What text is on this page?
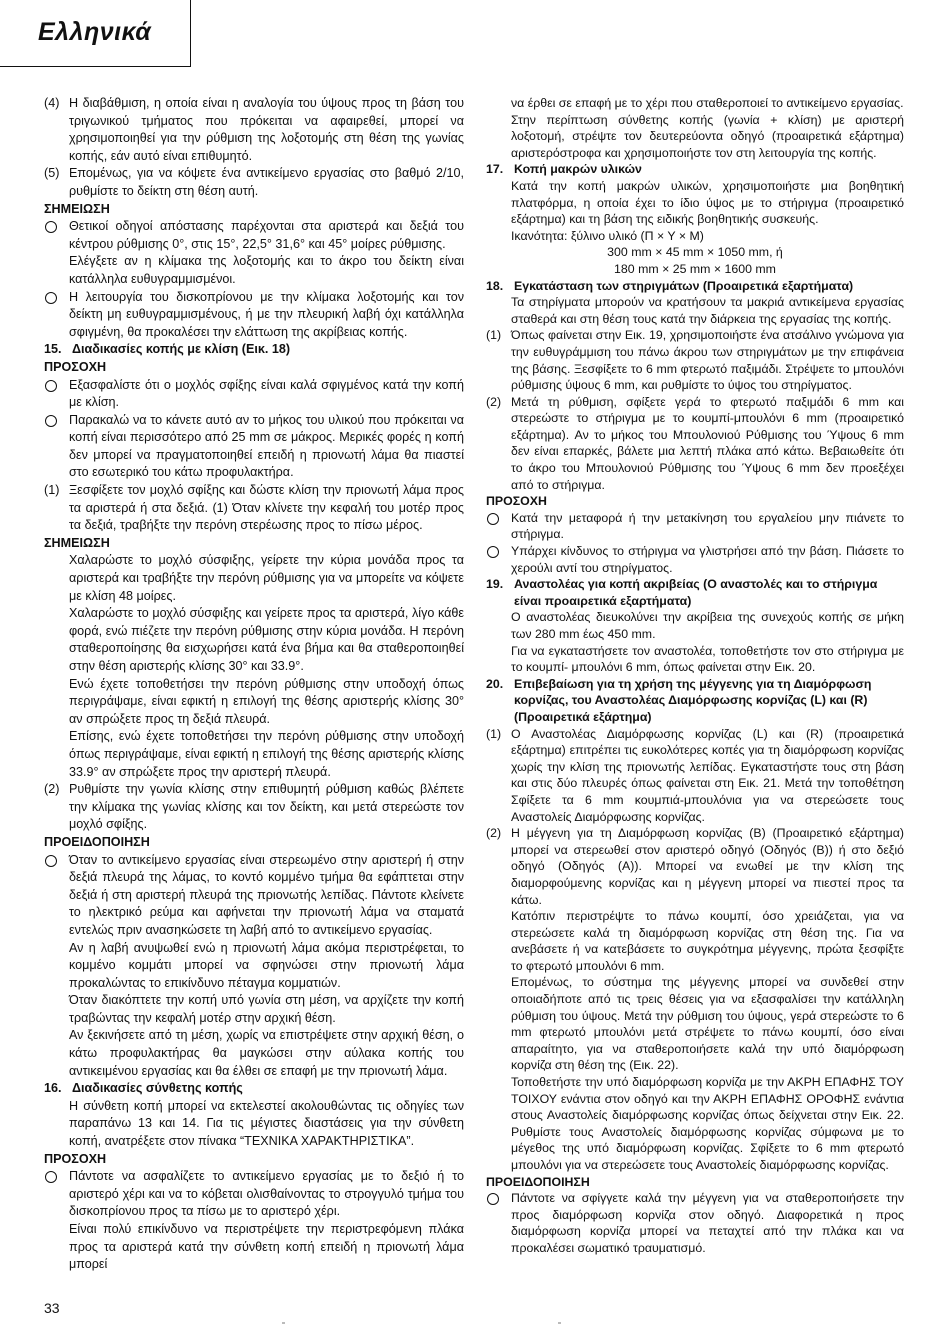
Ελληνικά
(4) Η διαβάθμιση, η οποία είναι η αναλογία του ύψους προς τη βάση του τριγωνικού τμήματος που πρόκειται να αφαιρεθεί, μπορεί να χρησιμοποιηθεί για την ρύθμιση της λοξοτομής στη θέση της γωνίας κοπής, εάν αυτό είναι επιθυμητό.
(5) Επομένως, για να κόψετε ένα αντικείμενο εργασίας στο βαθμό 2/10, ρυθμίστε το δείκτη στη θέση αυτή.
ΣΗΜΕΙΩΣΗ
Θετικοί οδηγοί απόστασης παρέχονται στα αριστερά και δεξιά του κέντρου ρύθμισης 0°, στις 15°, 22,5° 31,6° και 45° μοίρες ρύθμισης.
Ελέγξετε αν η κλίμακα της λοξοτομής και το άκρο του δείκτη είναι κατάλληλα ευθυγραμμισμένοι.
Η λειτουργία του δισκοπρίονου με την κλίμακα λοξοτομής και τον δείκτη μη ευθυγραμμισμένους, ή με την πλευρική λαβή όχι κατάλληλα σφιγμένη, θα προκαλέσει την ελάττωση της ακρίβειας κοπής.
15. Διαδικασίες κοπής με κλίση (Εικ. 18)
ΠΡΟΣΟΧΗ
Εξασφαλίστε ότι ο μοχλός σφίξης είναι καλά σφιγμένος κατά την κοπή με κλίση.
Παρακαλώ να το κάνετε αυτό αν το μήκος του υλικού που πρόκειται να κοπή είναι περισσότερο από 25 mm σε μάκρος. Μερικές φορές η κοπή δεν μπορεί να πραγματοποιηθεί επειδή η πριονωτή λάμα θα πιαστεί στο εσωτερικό του κάτω προφυλακτήρα.
(1) Ξεσφίξετε τον μοχλό σφίξης και δώστε κλίση την πριονωτή λάμα προς τα αριστερά ή στα δεξιά. (1) Όταν κλίνετε την κεφαλή του μοτέρ προς τα δεξιά, τραβήξτε την περόνη στερέωσης προς το πίσω μέρος.
ΣΗΜΕΙΩΣΗ
Χαλαρώστε το μοχλό σύσφιξης, γείρετε την κύρια μονάδα προς τα αριστερά και τραβήξτε την περόνη ρύθμισης για να μπορείτε να κόψετε με κλίση 48 μοίρες.
Χαλαρώστε το μοχλό σύσφιξης και γείρετε προς τα αριστερά, λίγο κάθε φορά, ενώ πιέζετε την περόνη ρύθμισης στην κύρια μονάδα. Η περόνη σταθεροποίησης θα εισχωρήσει κατά ένα βήμα και θα σταθεροποιηθεί στην θέση αριστερής κλίσης 30° και 33.9°.
Ενώ έχετε τοποθετήσει την περόνη ρύθμισης στην υποδοχή όπως περιγράψαμε, είναι εφικτή η επιλογή της θέσης αριστερής κλίσης 30° αν σπρώξετε προς τη δεξιά πλευρά.
Επίσης, ενώ έχετε τοποθετήσει την περόνη ρύθμισης στην υποδοχή όπως περιγράψαμε, είναι εφικτή η επιλογή της θέσης αριστερής κλίσης 33.9° αν σπρώξετε προς την αριστερή πλευρά.
(2) Ρυθμίστε την γωνία κλίσης στην επιθυμητή ρύθμιση καθώς βλέπετε την κλίμακα της γωνίας κλίσης και τον δείκτη, και μετά στερεώστε τον μοχλό σφίξης.
ΠΡΟΕΙΔΟΠΟΙΗΣΗ
Όταν το αντικείμενο εργασίας είναι στερεωμένο στην αριστερή ή στην δεξιά πλευρά της λάμας, το κοντό κομμένο τμήμα θα εφάπτεται στην δεξιά ή στη αριστερή πλευρά της πριονωτής λεπίδας. Πάντοτε κλείνετε το ηλεκτρικό ρεύμα και αφήνεται την πριονωτή λάμα να σταματά εντελώς πριν ανασηκώσετε τη λαβή από το αντικείμενο εργασίας.
Αν η λαβή ανυψωθεί ενώ η πριονωτή λάμα ακόμα περιστρέφεται, το κομμένο κομμάτι μπορεί να σφηνώσει στην πριονωτή λάμα προκαλώντας το επικίνδυνο πέταγμα κομματιών.
Όταν διακόπτετε την κοπή υπό γωνία στη μέση, να αρχίζετε την κοπή τραβώντας την κεφαλή μοτέρ στην αρχική θέση.
Αν ξεκινήσετε από τη μέση, χωρίς να επιστρέψετε στην αρχική θέση, ο κάτω προφυλακτήρας θα μαγκώσει στην αύλακα κοπής του αντικειμένου εργασίας και θα έλθει σε επαφή με την πριονωτή λάμα.
16. Διαδικασίες σύνθετης κοπής
Η σύνθετη κοπή μπορεί να εκτελεστεί ακολουθώντας τις οδηγίες των παραπάνω 13 και 14. Για τις μέγιστες διαστάσεις για την σύνθετη κοπή, ανατρέξετε στον πίνακα “ΤΕΧΝΙΚΑ ΧΑΡΑΚΤΗΡΙΣΤΙΚΑ”.
ΠΡΟΣΟΧΗ
Πάντοτε να ασφαλίζετε το αντικείμενο εργασίας με το δεξιό ή το αριστερό χέρι και να το κόβεται ολισθαίνοντας το στρογγυλό τμήμα του δισκοπρίονου προς τα πίσω με το αριστερό χέρι.
Είναι πολύ επικίνδυνο να περιστρέψετε την περιστρεφόμενη πλάκα προς τα αριστερά κατά την σύνθετη κοπή επειδή η πριονωτή λάμα μπορεί
να έρθει σε επαφή με το χέρι που σταθεροποιεί το αντικείμενο εργασίας.
Στην περίπτωση σύνθετης κοπής (γωνία + κλίση) με αριστερή λοξοτομή, στρέψτε τον δευτερεύοντα οδηγό (προαιρετικά εξάρτημα) αριστερόστροφα και χρησιμοποιήστε τον στη λειτουργία της κοπής.
17. Κοπή μακρών υλικών
Κατά την κοπή μακρών υλικών, χρησιμοποιήστε μια βοηθητική πλατφόρμα, η οποία έχει το ίδιο ύψος με το στήριγμα (προαιρετικό εξάρτημα) και τη βάση της ειδικής βοηθητικής συσκευής.
Ικανότητα: ξύλινο υλικό (Π × Υ × Μ)
300 mm × 45 mm × 1050 mm, ή
180 mm × 25 mm × 1600 mm
18. Εγκατάσταση των στηριγμάτων (Προαιρετικά εξαρτήματα)
Τα στηρίγματα μπορούν να κρατήσουν τα μακριά αντικείμενα εργασίας σταθερά και στη θέση τους κατά την διάρκεια της εργασίας της κοπής.
(1) Όπως φαίνεται στην Εικ. 19, χρησιμοποιήστε ένα ατσάλινο γνώμονα για την ευθυγράμμιση του πάνω άκρου των στηριγμάτων με την επιφάνεια της βάσης. Ξεσφίξετε το 6 mm φτερωτό παξιμάδι. Στρέψετε το μπουλόνι ρύθμισης ύψους 6 mm, και ρυθμίστε το ύψος του στηρίγματος.
(2) Μετά τη ρύθμιση, σφίξετε γερά το φτερωτό παξιμάδι 6 mm και στερεώστε το στήριγμα με το κουμπί-μπουλόνι 6 mm (προαιρετικό εξάρτημα). Αν το μήκος του Μπουλονιού Ρύθμισης του Ύψους 6 mm δεν είναι επαρκές, βάλετε μια λεπτή πλάκα από κάτω. Βεβαιωθείτε ότι το άκρο του Μπουλονιού Ρύθμισης του Ύψους 6 mm δεν προεξέχει από το στήριγμα.
ΠΡΟΣΟΧΗ
Κατά την μεταφορά ή την μετακίνηση του εργαλείου μην πιάνετε το στήριγμα.
Υπάρχει κίνδυνος το στήριγμα να γλιστρήσει από την βάση. Πιάσετε το χερούλι αντί του στηρίγματος.
19. Αναστολέας για κοπή ακριβείας (Ο αναστολές και το στήριγμα είναι προαιρετικά εξαρτήματα)
Ο αναστολέας διευκολύνει την ακρίβεια της συνεχούς κοπής σε μήκη των 280 mm έως 450 mm.
Για να εγκαταστήσετε τον αναστολέα, τοποθετήστε τον στο στήριγμα με το κουμπί- μπουλόνι 6 mm, όπως φαίνεται στην Εικ. 20.
20. Επιβεβαίωση για τη χρήση της μέγγενης για τη Διαμόρφωση κορνίζας, του Αναστολέας Διαμόρφωσης κορνίζας (L) και (R) (Προαιρετικά εξάρτημα)
(1) Ο Αναστολέας Διαμόρφωσης κορνίζας (L) και (R) (προαιρετικά εξάρτημα) επιτρέπει τις ευκολότερες κοπές για τη διαμόρφωση κορνίζας χωρίς την κλίση της πριονωτής λεπίδας. Εγκαταστήστε τους στη βάση και στις δύο πλευρές όπως φαίνεται στη Εικ. 21. Μετά την τοποθέτηση Σφίξετε τα 6 mm κουμπιά-μπουλόνια για να στερεώσετε τους Αναστολείς Διαμόρφωσης κορνίζας.
(2) Η μέγγενη για τη Διαμόρφωση κορνίζας (B) (Προαιρετικό εξάρτημα) μπορεί να στερεωθεί στον αριστερό οδηγό (Οδηγός (B)) ή στο δεξιό οδηγό (Οδηγός (A)). Μπορεί να ενωθεί με την κλίση της διαμορφούμενης κορνίζας και η μέγγενη μπορεί να πιεστεί προς τα κάτω.
Κατόπιν περιστρέψτε το πάνω κουμπί, όσο χρειάζεται, για να στερεώσετε καλά τη διαμόρφωση κορνίζας στη θέση της. Για να ανεβάσετε ή να κατεβάσετε το συγκρότημα μέγγενης, πρώτα ξεσφίξτε το φτερωτό μπουλόνι 6 mm.
Επομένως, το σύστημα της μέγγενης μπορεί να συνδεθεί στην οποιαδήποτε από τις τρεις θέσεις για να εξασφαλίσει την κατάλληλη ρύθμιση του ύψους. Μετά την ρύθμιση του ύψους, γερά στερεώστε το 6 mm φτερωτό μπουλόνι μετά στρέψετε το πάνω κουμπί, όσο είναι απαραίτητο, για να σταθεροποιήσετε καλά την υπό διαμόρφωση κορνίζα στη θέση της (Εικ. 22).
Τοποθετήστε την υπό διαμόρφωση κορνίζα με την ΑΚΡΗ ΕΠΑΦΗΣ ΤΟΥ ΤΟΙΧΟΥ ενάντια στον οδηγό και την ΑΚΡΗ ΕΠΑΦΗΣ ΟΡΟΦΗΣ ενάντια στους Αναστολείς διαμόρφωσης κορνίζας όπως δείχνεται στην Εικ. 22. Ρυθμίστε τους Αναστολείς διαμόρφωσης κορνίζας σύμφωνα με το μέγεθος της υπό διαμόρφωση κορνίζας. Σφίξετε το 6 mm φτερωτό μπουλόνι για να στερεώσετε τους Αναστολείς διαμόρφωσης κορνίζας.
ΠΡΟΕΙΔΟΠΟΙΗΣΗ
Πάντοτε να σφίγγετε καλά την μέγγενη για να σταθεροποιήσετε την προς διαμόρφωση κορνίζα στον οδηγό. Διαφορετικά η προς διαμόρφωση κορνίζα μπορεί να πεταχτεί από την πλάκα και να προκαλέσει σωματικό τραυματισμό.
33
